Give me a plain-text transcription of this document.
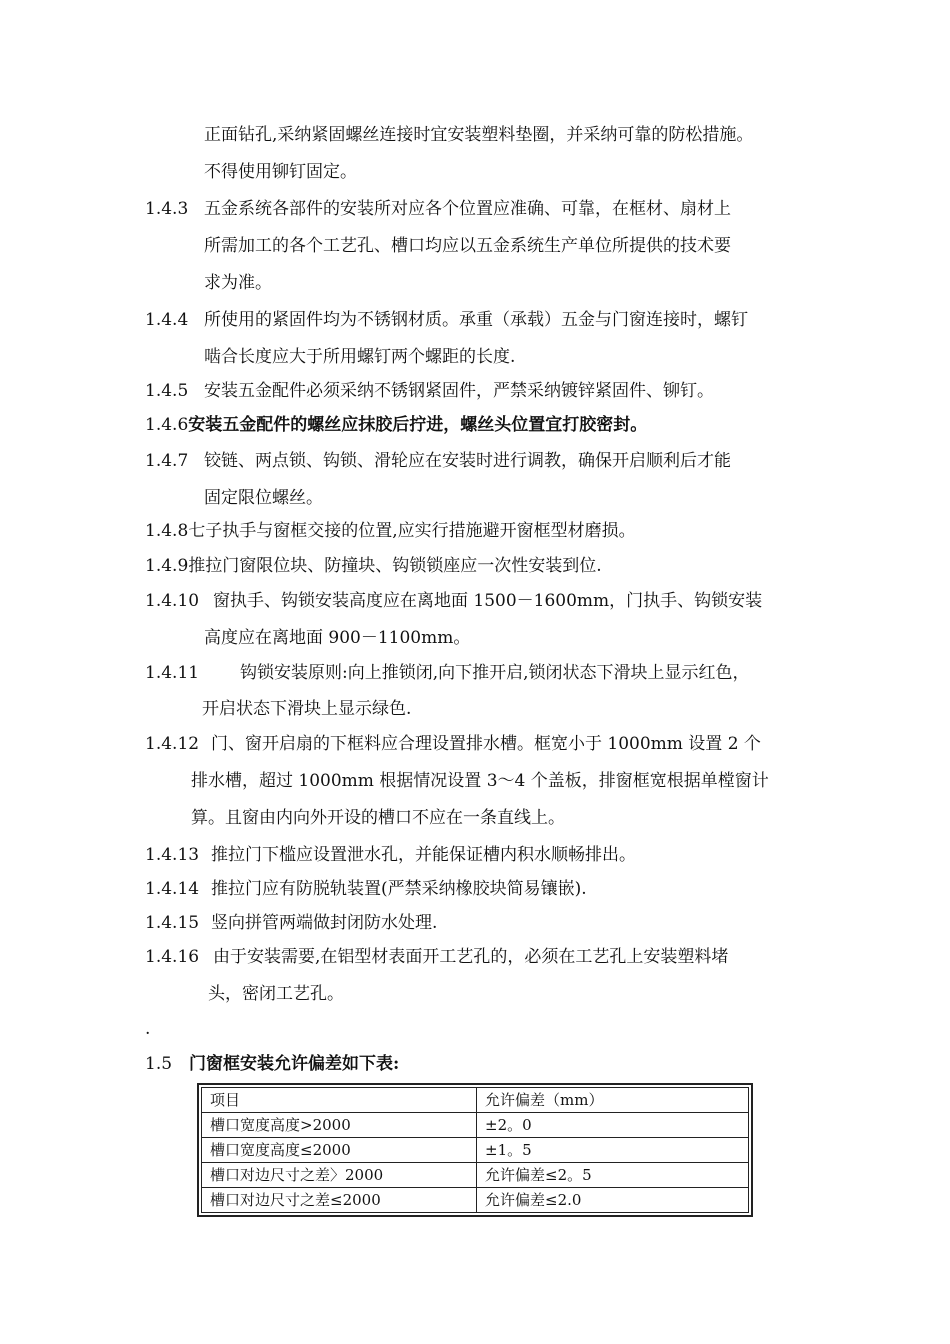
正面钻孔,采纳紧固螺丝连接时宜安装塑料垫圈，并采纳可靠的防松措施。
不得使用铆钉固定。
1.4.3 五金系统各部件的安装所对应各个位置应准确、可靠，在框材、扇材上
所需加工的各个工艺孔、槽口均应以五金系统生产单位所提供的技术要
求为准。
1.4.4 所使用的紧固件均为不锈钢材质。承重（承载）五金与门窗连接时，螺钉
啮合长度应大于所用螺钉两个螺距的长度.
1.4.5 安装五金配件必须采纳不锈钢紧固件，严禁采纳镀锌紧固件、铆钉。
1.4.6安装五金配件的螺丝应抹胶后拧进，螺丝头位置宜打胶密封。
1.4.7 铰链、两点锁、钩锁、滑轮应在安装时进行调教，确保开启顺利后才能
固定限位螺丝。
1.4.8七子执手与窗框交接的位置,应实行措施避开窗框型材磨损。
1.4.9推拉门窗限位块、防撞块、钩锁锁座应一次性安装到位.
1.4.10 窗执手、钩锁安装高度应在离地面 1500－1600mm，门执手、钩锁安装
高度应在离地面 900－1100mm。
1.4.11 钩锁安装原则:向上推锁闭,向下推开启,锁闭状态下滑块上显示红色，
开启状态下滑块上显示绿色.
1.4.12 门、窗开启扇的下框料应合理设置排水槽。框宽小于 1000mm 设置 2 个
排水槽，超过 1000mm 根据情况设置 3～4 个盖板，排窗框宽根据单樘窗计
算。且窗由内向外开设的槽口不应在一条直线上。
1.4.13 推拉门下槛应设置泄水孔，并能保证槽内积水顺畅排出。
1.4.14 推拉门应有防脱轨装置(严禁采纳橡胶块简易镶嵌).
1.4.15 竖向拼管两端做封闭防水处理.
1.4.16 由于安装需要,在铝型材表面开工艺孔的，必须在工艺孔上安装塑料堵
头，密闭工艺孔。
.
1.5 门窗框安装允许偏差如下表:
项目	允许偏差（mm）
槽口宽度高度>2000	±2。0
槽口宽度高度≤2000	±1。5
槽口对边尺寸之差〉2000	允许偏差≤2。5
槽口对边尺寸之差≤2000	允许偏差≤2.0
